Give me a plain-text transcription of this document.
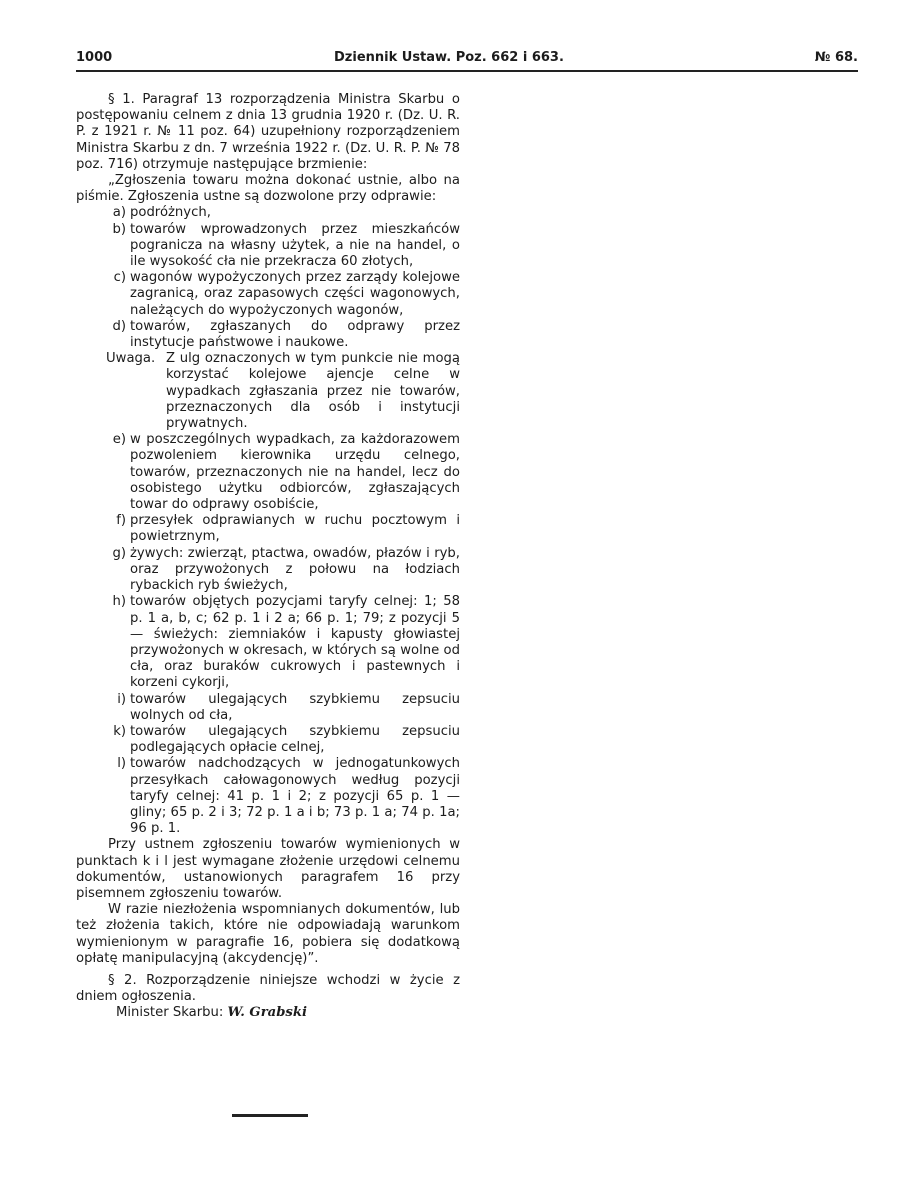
1000	Dziennik Ustaw. Poz. 662 i 663.	№ 68.

§ 1. Paragraf 13 rozporządzenia Ministra Skarbu o postępowaniu celnem z dnia 13 grudnia 1920 r. (Dz. U. R. P. z 1921 r. № 11 poz. 64) uzupełniony rozporządzeniem Ministra Skarbu z dn. 7 września 1922 r. (Dz. U. R. P. № 78 poz. 716) otrzymuje następujące brzmienie:

„Zgłoszenia towaru można dokonać ustnie, albo na piśmie. Zgłoszenia ustne są dozwolone przy odprawie:

a) podróżnych,
b) towarów wprowadzonych przez mieszkańców pogranicza na własny użytek, a nie na handel, o ile wysokość cła nie przekracza 60 złotych,
c) wagonów wypożyczonych przez zarządy kolejowe zagranicą, oraz zapasowych części wagonowych, należących do wypożyczonych wagonów,
d) towarów, zgłaszanych do odprawy przez instytucje państwowe i naukowe.
Uwaga. Z ulg oznaczonych w tym punkcie nie mogą korzystać kolejowe ajencje celne w wypadkach zgłaszania przez nie towarów, przeznaczonych dla osób i instytucji prywatnych.
e) w poszczególnych wypadkach, za każdorazowem pozwoleniem kierownika urzędu celnego, towarów, przeznaczonych nie na handel, lecz do osobistego użytku odbiorców, zgłaszających towar do odprawy osobiście,
f) przesyłek odprawianych w ruchu pocztowym i powietrznym,
g) żywych: zwierząt, ptactwa, owadów, płazów i ryb, oraz przywożonych z połowu na łodziach rybackich ryb świeżych,
h) towarów objętych pozycjami taryfy celnej: 1; 58 p. 1 a, b, c; 62 p. 1 i 2 a; 66 p. 1; 79; z pozycji 5 — świeżych: ziemniaków i kapusty głowiastej przywożonych w okresach, w których są wolne od cła, oraz buraków cukrowych i pastewnych i korzeni cykorji,
i) towarów ulegających szybkiemu zepsuciu wolnych od cła,
k) towarów ulegających szybkiemu zepsuciu podlegających opłacie celnej,
l) towarów nadchodzących w jednogatunkowych przesyłkach całowagonowych według pozycji taryfy celnej: 41 p. 1 i 2; z pozycji 65 p. 1 — gliny; 65 p. 2 i 3; 72 p. 1 a i b; 73 p. 1 a; 74 p. 1a; 96 p. 1.

Przy ustnem zgłoszeniu towarów wymienionych w punktach k i l jest wymagane złożenie urzędowi celnemu dokumentów, ustanowionych paragrafem 16 przy pisemnem zgłoszeniu towarów.

W razie niezłożenia wspomnianych dokumentów, lub też złożenia takich, które nie odpowiadają warunkom wymienionym w paragrafie 16, pobiera się dodatkową opłatę manipulacyjną (akcydencję)”.

§ 2. Rozporządzenie niniejsze wchodzi w życie z dniem ogłoszenia.

Minister Skarbu: W. Grabski
